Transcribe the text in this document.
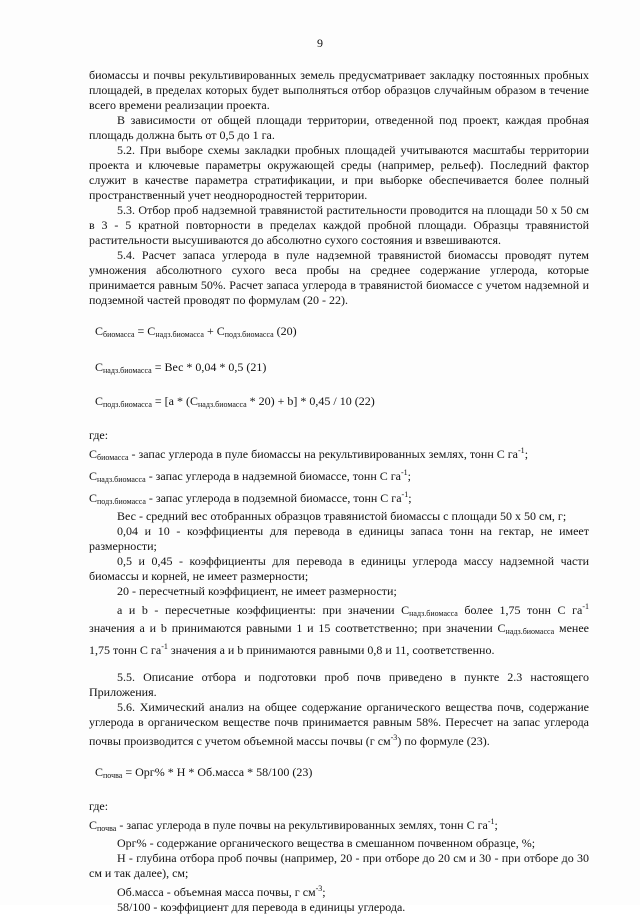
9

биомассы и почвы рекультивированных земель предусматривает закладку постоянных пробных площадей, в пределах которых будет выполняться отбор образцов случайным образом в течение всего времени реализации проекта.

В зависимости от общей площади территории, отведенной под проект, каждая пробная площадь должна быть от 0,5 до 1 га.

5.2. При выборе схемы закладки пробных площадей учитываются масштабы территории проекта и ключевые параметры окружающей среды (например, рельеф). Последний фактор служит в качестве параметра стратификации, и при выборке обеспечивается более полный пространственный учет неоднородностей территории.

5.3. Отбор проб надземной травянистой растительности проводится на площади 50 х 50 см в 3 - 5 кратной повторности в пределах каждой пробной площади. Образцы травянистой растительности высушиваются до абсолютно сухого состояния и взвешиваются.

5.4. Расчет запаса углерода в пуле надземной травянистой биомассы проводят путем умножения абсолютного сухого веса пробы на среднее содержание углерода, которые принимается равным 50%. Расчет запаса углерода в травянистой биомассе с учетом надземной и подземной частей проводят по формулам (20 - 22).

$С_{биомасса} = С_{надз.биомасса} + С_{подз.биомасса}$ (20)

$С_{надз.биомасса}$ = Вес * 0,04 * 0,5 (21)

$С_{подз.биомасса} = [а * (С_{надз.биомасса} * 20) + b] * 0,45 / 10$ (22)

где:

$С_{биомасса}$ - запас углерода в пуле биомассы на рекультивированных землях, тонн С $га^{-1}$;

$С_{надз.биомасса}$ - запас углерода в надземной биомассе, тонн С $га^{-1}$;

$С_{подз.биомасса}$ - запас углерода в подземной биомассе, тонн С $га^{-1}$;

Вес - средний вес отобранных образцов травянистой биомассы с площади 50 х 50 см, г;

0,04 и 10 - коэффициенты для перевода в единицы запаса тонн на гектар, не имеет размерности;

0,5 и 0,45 - коэффициенты для перевода в единицы углерода массу надземной части биомассы и корней, не имеет размерности;

20 - пересчетный коэффициент, не имеет размерности;

а и b - пересчетные коэффициенты: при значении $С_{надз.биомасса}$ более 1,75 тонн С $га^{-1}$ значения а и b принимаются равными 1 и 15 соответственно; при значении $С_{надз.биомасса}$ менее 1,75 тонн С $га^{-1}$ значения а и b принимаются равными 0,8 и 11, соответственно.

5.5. Описание отбора и подготовки проб почв приведено в пункте 2.3 настоящего Приложения.

5.6. Химический анализ на общее содержание органического вещества почв, содержание углерода в органическом веществе почв принимается равным 58%. Пересчет на запас углерода почвы производится с учетом объемной массы почвы (г $см^{-3}$) по формуле (23).

$С_{почва} = Орг\% * Н$ * Об.масса * 58/100 (23)

где:

$С_{почва}$ - запас углерода в пуле почвы на рекультивированных землях, тонн С $га^{-1}$;

Орг% - содержание органического вещества в смешанном почвенном образце, %;

Н - глубина отбора проб почвы (например, 20 - при отборе до 20 см и 30 - при отборе до 30 см и так далее), см;

Об.масса - объемная масса почвы, г $см^{-3}$;

58/100 - коэффициент для перевода в единицы углерода.
